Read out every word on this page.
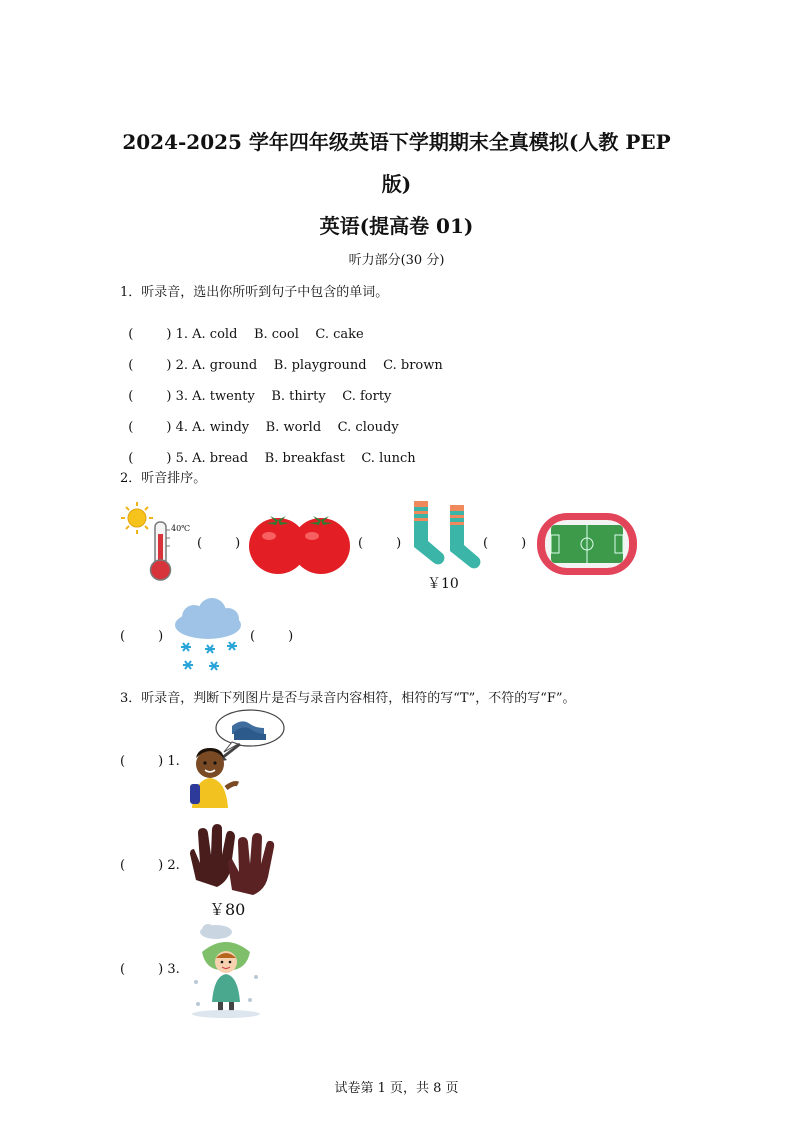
2024-2025 学年四年级英语下学期期末全真模拟(人教 PEP
版)
英语(提高卷 01)
听力部分(30 分)
1．听录音，选出你所听到句子中包含的单词。

(        ) 1. A. cold B. cool C. cake

(        ) 2. A. ground B. playground C. brown

(        ) 3. A. twenty B. thirty C. forty

(        ) 4. A. windy B. world C. cloudy

(        ) 5. A. bread B. breakfast C. lunch

2．听音排序。
40℃
(        )	(        )
￥10
(        )
(        )	(        )
3．听录音，判断下列图片是否与录音内容相符，相符的写“T”，不符的写“F”。
(        ) 1.
(        ) 2.
￥80
(        ) 3.
试卷第 1 页，共 8 页
